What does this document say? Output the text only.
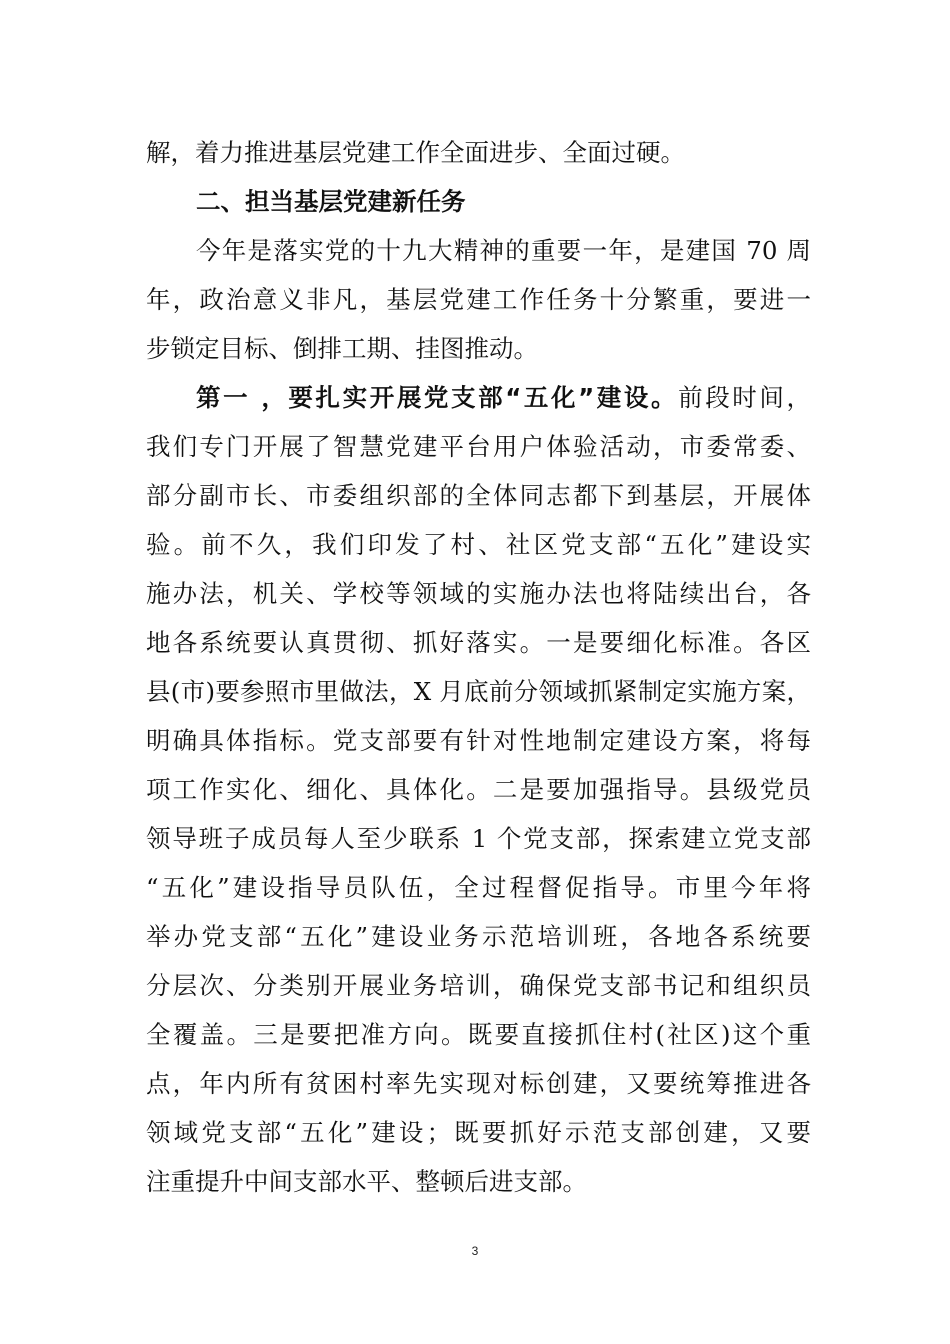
解，着力推进基层党建工作全面进步、全面过硬。
二、担当基层党建新任务
今年是落实党的十九大精神的重要一年，是建国 70 周
年，政治意义非凡，基层党建工作任务十分繁重，要进一
步锁定目标、倒排工期、挂图推动。
第一 ，要扎实开展党支部“五化”建设。前段时间，
我们专门开展了智慧党建平台用户体验活动，市委常委、
部分副市长、市委组织部的全体同志都下到基层，开展体
验。前不久，我们印发了村、社区党支部“五化”建设实
施办法，机关、学校等领域的实施办法也将陆续出台，各
地各系统要认真贯彻、抓好落实。一是要细化标准。各区
县(市)要参照市里做法，X 月底前分领域抓紧制定实施方案，
明确具体指标。党支部要有针对性地制定建设方案，将每
项工作实化、细化、具体化。二是要加强指导。县级党员
领导班子成员每人至少联系 1 个党支部，探索建立党支部
“五化”建设指导员队伍，全过程督促指导。市里今年将
举办党支部“五化”建设业务示范培训班，各地各系统要
分层次、分类别开展业务培训，确保党支部书记和组织员
全覆盖。三是要把准方向。既要直接抓住村(社区)这个重
点，年内所有贫困村率先实现对标创建，又要统筹推进各
领域党支部“五化”建设；既要抓好示范支部创建，又要
注重提升中间支部水平、整顿后进支部。
3
